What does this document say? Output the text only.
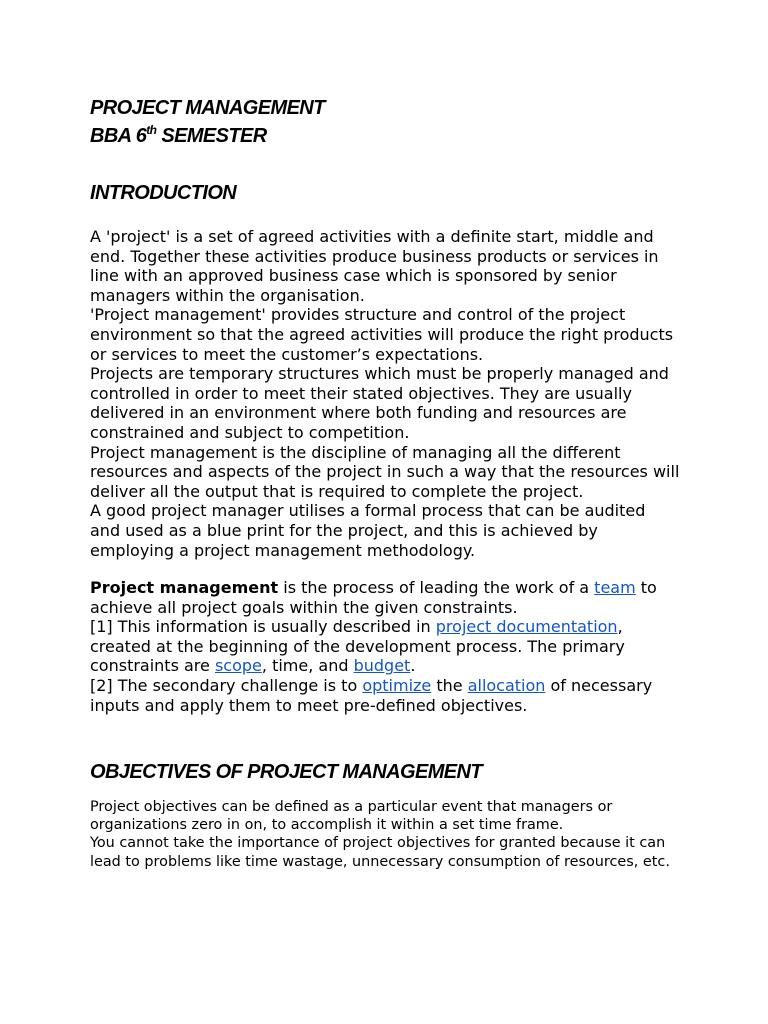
PROJECT MANAGEMENT
BBA 6th SEMESTER
INTRODUCTION

A 'project' is a set of agreed activities with a definite start, middle and end. Together these activities produce business products or services in line with an approved business case which is sponsored by senior managers within the organisation.
'Project management' provides structure and control of the project environment so that the agreed activities will produce the right products or services to meet the customer’s expectations.
Projects are temporary structures which must be properly managed and controlled in order to meet their stated objectives. They are usually delivered in an environment where both funding and resources are constrained and subject to competition.
Project management is the discipline of managing all the different resources and aspects of the project in such a way that the resources will deliver all the output that is required to complete the project.
A good project manager utilises a formal process that can be audited and used as a blue print for the project, and this is achieved by employing a project management methodology.

Project management is the process of leading the work of a team to achieve all project goals within the given constraints.
[1] This information is usually described in project documentation, created at the beginning of the development process. The primary constraints are scope, time, and budget.
[2] The secondary challenge is to optimize the allocation of necessary inputs and apply them to meet pre-defined objectives.

OBJECTIVES OF PROJECT MANAGEMENT

Project objectives can be defined as a particular event that managers or organizations zero in on, to accomplish it within a set time frame.
You cannot take the importance of project objectives for granted because it can lead to problems like time wastage, unnecessary consumption of resources, etc.
